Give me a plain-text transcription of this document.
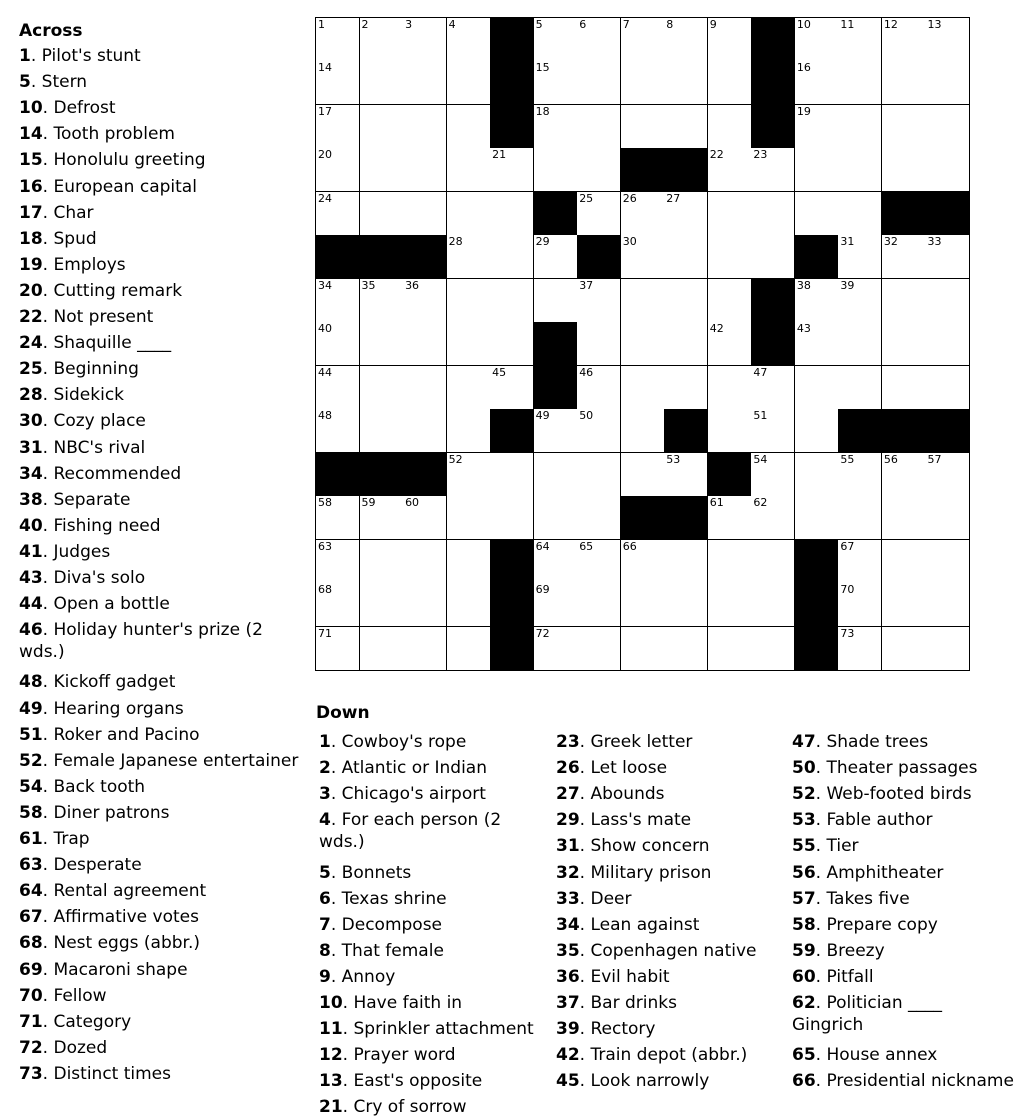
Across
1. Pilot's stunt
5. Stern
10. Defrost
14. Tooth problem
15. Honolulu greeting
16. European capital
17. Char
18. Spud
19. Employs
20. Cutting remark
22. Not present
24. Shaquille ____
25. Beginning
28. Sidekick
30. Cozy place
31. NBC's rival
34. Recommended
38. Separate
40. Fishing need
41. Judges
43. Diva's solo
44. Open a bottle
46. Holiday hunter's prize (2
wds.)
48. Kickoff gadget
49. Hearing organs
51. Roker and Pacino
52. Female Japanese entertainer
54. Back tooth
58. Diner patrons
61. Trap
63. Desperate
64. Rental agreement
67. Affirmative votes
68. Nest eggs (abbr.)
69. Macaroni shape
70. Fellow
71. Category
72. Dozed
73. Distinct times
1	2	3	4	5	6	7	8	9	10	11	12	13
14	15	16
17	18	19
20	21	22	23
24	25	26	27
28	29	30	31	32	33
34	35	36	37	38	39
40	41	42	43
44	45	46	47
48	49	50	51
52	53	54	55	56	57
58	59	60	61	62
63	64	65	66	67
68	69	70
71	72	73
Down
1. Cowboy's rope
2. Atlantic or Indian
3. Chicago's airport
4. For each person (2
wds.)
5. Bonnets
6. Texas shrine
7. Decompose
8. That female
9. Annoy
10. Have faith in
11. Sprinkler attachment
12. Prayer word
13. East's opposite
21. Cry of sorrow
23. Greek letter
26. Let loose
27. Abounds
29. Lass's mate
31. Show concern
32. Military prison
33. Deer
34. Lean against
35. Copenhagen native
36. Evil habit
37. Bar drinks
39. Rectory
42. Train depot (abbr.)
45. Look narrowly
47. Shade trees
50. Theater passages
52. Web-footed birds
53. Fable author
55. Tier
56. Amphitheater
57. Takes five
58. Prepare copy
59. Breezy
60. Pitfall
62. Politician ____
Gingrich
65. House annex
66. Presidential nickname
